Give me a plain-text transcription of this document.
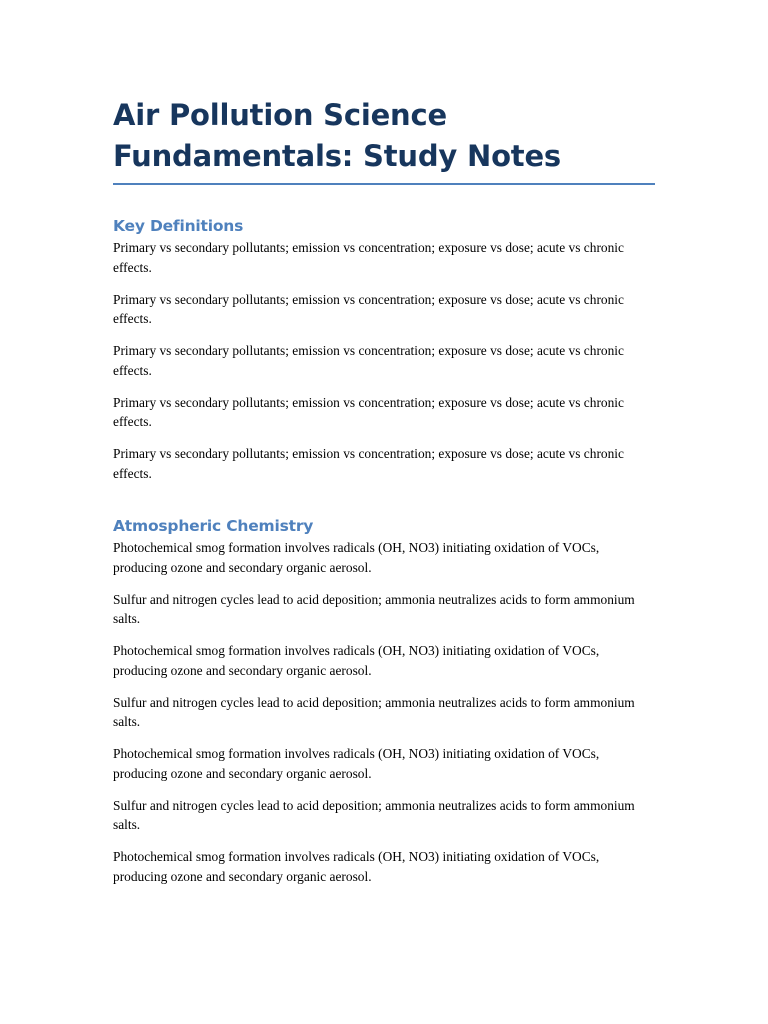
Air Pollution Science Fundamentals: Study Notes
Key Definitions

Primary vs secondary pollutants; emission vs concentration; exposure vs dose; acute vs chronic effects.

Primary vs secondary pollutants; emission vs concentration; exposure vs dose; acute vs chronic effects.

Primary vs secondary pollutants; emission vs concentration; exposure vs dose; acute vs chronic effects.

Primary vs secondary pollutants; emission vs concentration; exposure vs dose; acute vs chronic effects.

Primary vs secondary pollutants; emission vs concentration; exposure vs dose; acute vs chronic effects.

Atmospheric Chemistry

Photochemical smog formation involves radicals (OH, NO3) initiating oxidation of VOCs, producing ozone and secondary organic aerosol.

Sulfur and nitrogen cycles lead to acid deposition; ammonia neutralizes acids to form ammonium salts.

Photochemical smog formation involves radicals (OH, NO3) initiating oxidation of VOCs, producing ozone and secondary organic aerosol.

Sulfur and nitrogen cycles lead to acid deposition; ammonia neutralizes acids to form ammonium salts.

Photochemical smog formation involves radicals (OH, NO3) initiating oxidation of VOCs, producing ozone and secondary organic aerosol.

Sulfur and nitrogen cycles lead to acid deposition; ammonia neutralizes acids to form ammonium salts.

Photochemical smog formation involves radicals (OH, NO3) initiating oxidation of VOCs, producing ozone and secondary organic aerosol.
